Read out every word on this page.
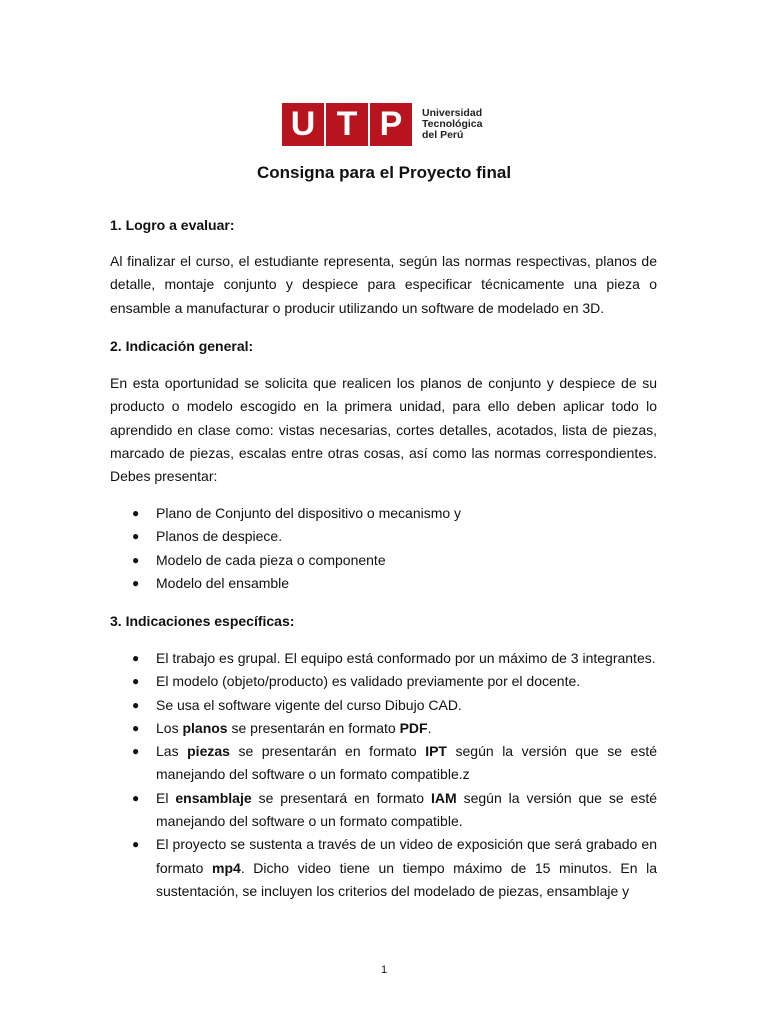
U T P	Universidad
Tecnológica
del Perú
Consigna para el Proyecto final
1. Logro a evaluar:

Al finalizar el curso, el estudiante representa, según las normas respectivas, planos de detalle, montaje conjunto y despiece para especificar técnicamente una pieza o ensamble a manufacturar o producir utilizando un software de modelado en 3D.

2. Indicación general:

En esta oportunidad se solicita que realicen los planos de conjunto y despiece de su producto o modelo escogido en la primera unidad, para ello deben aplicar todo lo aprendido en clase como: vistas necesarias, cortes detalles, acotados, lista de piezas, marcado de piezas, escalas entre otras cosas, así como las normas correspondientes. Debes presentar:

● Plano de Conjunto del dispositivo o mecanismo y
● Planos de despiece.
● Modelo de cada pieza o componente
● Modelo del ensamble
3. Indicaciones específicas:
● El trabajo es grupal. El equipo está conformado por un máximo de 3 integrantes.
● El modelo (objeto/producto) es validado previamente por el docente.
● Se usa el software vigente del curso Dibujo CAD.
● Los planos se presentarán en formato PDF.
● Las piezas se presentarán en formato IPT según la versión que se esté manejando del software o un formato compatible.z
● El ensamblaje se presentará en formato IAM según la versión que se esté manejando del software o un formato compatible.
● El proyecto se sustenta a través de un video de exposición que será grabado en formato mp4. Dicho video tiene un tiempo máximo de 15 minutos. En la sustentación, se incluyen los criterios del modelado de piezas, ensamblaje y
1
